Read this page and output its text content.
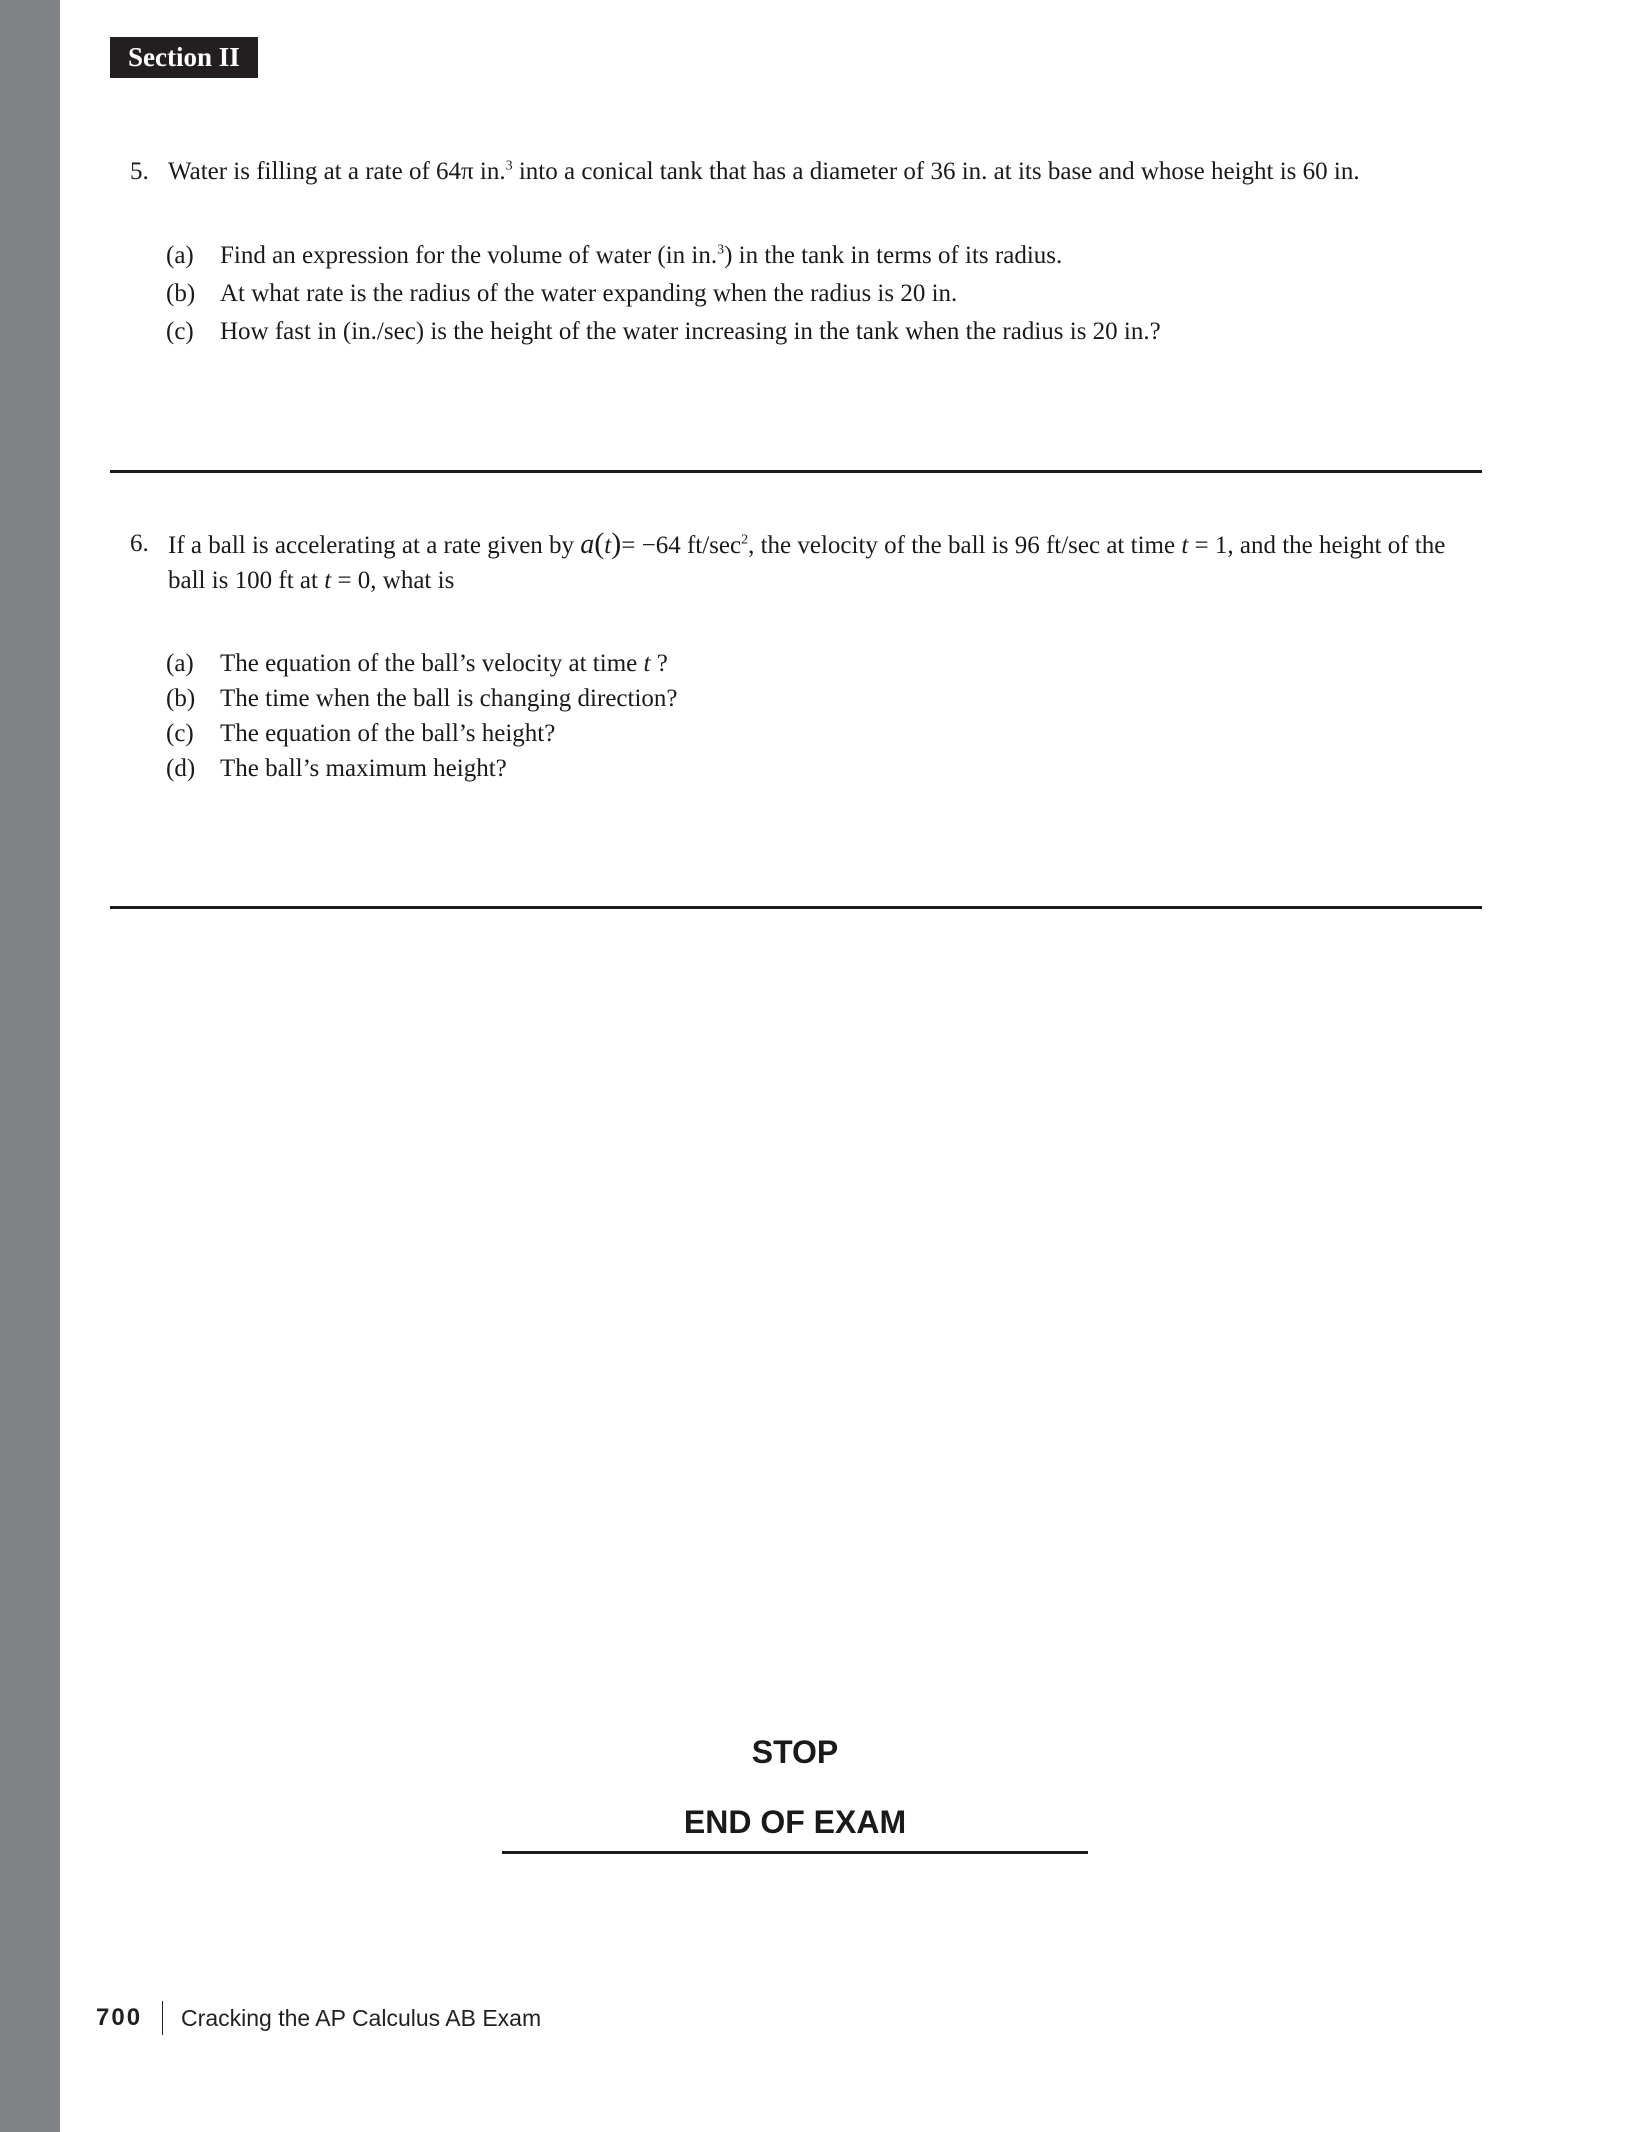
Section II
5. Water is filling at a rate of 64π in.$^3$ into a conical tank that has a diameter of 36 in. at its base and whose height is 60 in.
(a)	Find an expression for the volume of water (in in.$^3$) in the tank in terms of its radius.
(b) At what rate is the radius of the water expanding when the radius is 20 in.
(c)	How fast in (in./sec) is the height of the water increasing in the tank when the radius is 20 in.?
6. If a ball is accelerating at a rate given by a(t)= −64 $ft/\sec^2$, the velocity of the ball is 96 ft/sec at time t = 1, and the height of the ball is 100 ft at t = 0, what is
(a)	The equation of the ball’s velocity at time t ?
(b) The time when the ball is changing direction?
(c)	The equation of the ball’s height?
(d) The ball’s maximum height?
STOP
END OF EXAM
700 Cracking the AP Calculus AB Exam
